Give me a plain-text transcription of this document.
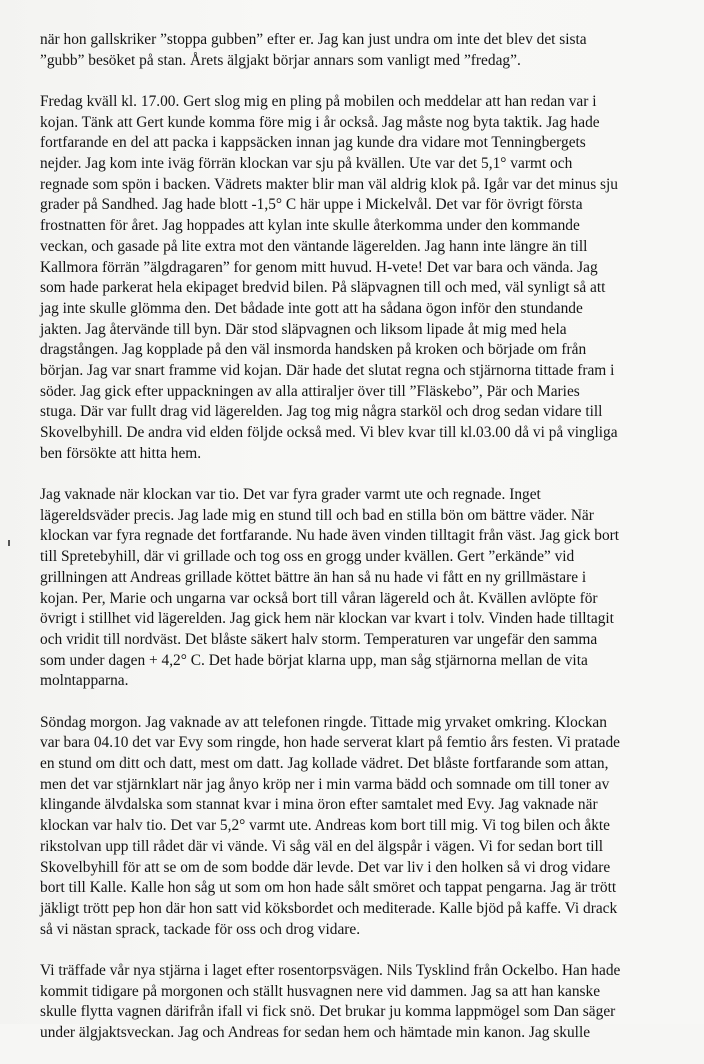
när hon gallskriker ”stoppa gubben” efter er. Jag kan just undra om inte det blev det sista
”gubb” besöket på stan. Årets älgjakt börjar annars som vanligt med ”fredag”.

Fredag kväll kl. 17.00. Gert slog mig en pling på mobilen och meddelar att han redan var i
kojan. Tänk att Gert kunde komma före mig i år också. Jag måste nog byta taktik. Jag hade
fortfarande en del att packa i kappsäcken innan jag kunde dra vidare mot Tenningbergets
nejder. Jag kom inte iväg förrän klockan var sju på kvällen. Ute var det 5,1° varmt och
regnade som spön i backen. Vädrets makter blir man väl aldrig klok på. Igår var det minus sju
grader på Sandhed. Jag hade blott -1,5° C här uppe i Mickelvål. Det var för övrigt första
frostnatten för året. Jag hoppades att kylan inte skulle återkomma under den kommande
veckan, och gasade på lite extra mot den väntande lägerelden. Jag hann inte längre än till
Kallmora förrän ”älgdragaren” for genom mitt huvud. H-vete! Det var bara och vända. Jag
som hade parkerat hela ekipaget bredvid bilen. På släpvagnen till och med, väl synligt så att
jag inte skulle glömma den. Det bådade inte gott att ha sådana ögon inför den stundande
jakten. Jag återvände till byn. Där stod släpvagnen och liksom lipade åt mig med hela
dragstången. Jag kopplade på den väl insmorda handsken på kroken och började om från
början. Jag var snart framme vid kojan. Där hade det slutat regna och stjärnorna tittade fram i
söder. Jag gick efter uppackningen av alla attiraljer över till ”Fläskebo”, Pär och Maries
stuga. Där var fullt drag vid lägerelden. Jag tog mig några starköl och drog sedan vidare till
Skovelbyhill. De andra vid elden följde också med. Vi blev kvar till kl.03.00 då vi på vingliga
ben försökte att hitta hem.

Jag vaknade när klockan var tio. Det var fyra grader varmt ute och regnade. Inget
lägereldsväder precis. Jag lade mig en stund till och bad en stilla bön om bättre väder. När
klockan var fyra regnade det fortfarande. Nu hade även vinden tilltagit från väst. Jag gick bort
till Spretebyhill, där vi grillade och tog oss en grogg under kvällen. Gert ”erkände” vid
grillningen att Andreas grillade köttet bättre än han så nu hade vi fått en ny grillmästare i
kojan. Per, Marie och ungarna var också bort till våran lägereld och åt. Kvällen avlöpte för
övrigt i stillhet vid lägerelden. Jag gick hem när klockan var kvart i tolv. Vinden hade tilltagit
och vridit till nordväst. Det blåste säkert halv storm. Temperaturen var ungefär den samma
som under dagen + 4,2° C. Det hade börjat klarna upp, man såg stjärnorna mellan de vita
molntapparna.

Söndag morgon. Jag vaknade av att telefonen ringde. Tittade mig yrvaket omkring. Klockan
var bara 04.10 det var Evy som ringde, hon hade serverat klart på femtio års festen. Vi pratade
en stund om ditt och datt, mest om datt. Jag kollade vädret. Det blåste fortfarande som attan,
men det var stjärnklart när jag ånyo kröp ner i min varma bädd och somnade om till toner av
klingande älvdalska som stannat kvar i mina öron efter samtalet med Evy. Jag vaknade när
klockan var halv tio. Det var 5,2° varmt ute. Andreas kom bort till mig. Vi tog bilen och åkte
rikstolvan upp till rådet där vi vände. Vi såg väl en del älgspår i vägen. Vi for sedan bort till
Skovelbyhill för att se om de som bodde där levde. Det var liv i den holken så vi drog vidare
bort till Kalle. Kalle hon såg ut som om hon hade sålt smöret och tappat pengarna. Jag är trött
jäkligt trött pep hon där hon satt vid köksbordet och mediterade. Kalle bjöd på kaffe. Vi drack
så vi nästan sprack, tackade för oss och drog vidare.

Vi träffade vår nya stjärna i laget efter rosentorpsvägen. Nils Tysklind från Ockelbo. Han hade
kommit tidigare på morgonen och ställt husvagnen nere vid dammen. Jag sa att han kanske
skulle flytta vagnen därifrån ifall vi fick snö. Det brukar ju komma lappmögel som Dan säger
under älgjaktsveckan. Jag och Andreas for sedan hem och hämtade min kanon. Jag skulle
